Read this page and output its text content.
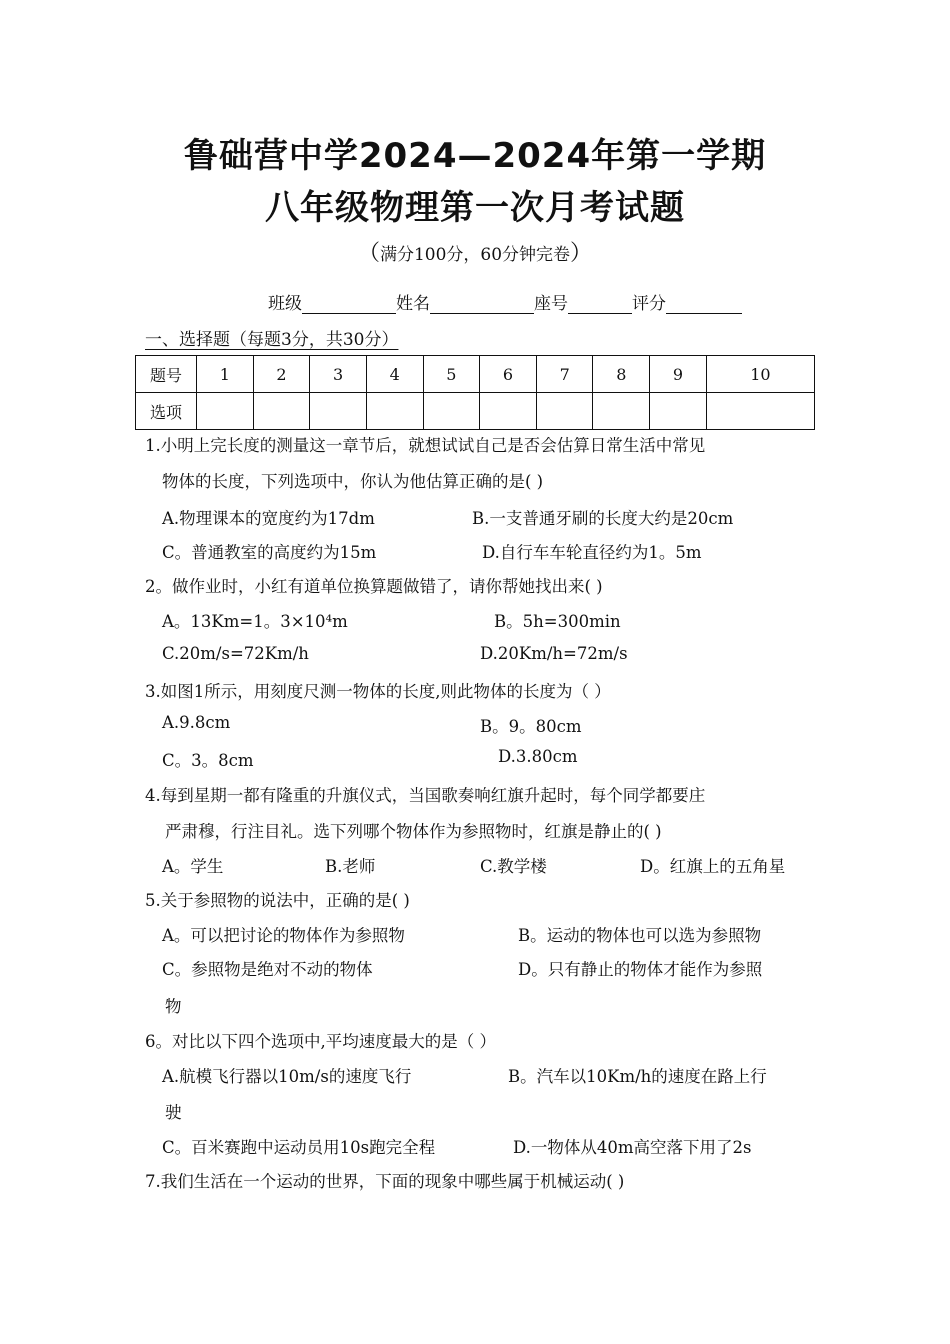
鲁础营中学2024—2024年第一学期
八年级物理第一次月考试题
（满分100分，60分钟完卷）
班级	姓名	座号	评分
一、选择题（每题3分，共30分）
题号	1	2	3	4	5	6	7	8	9	10
选项										
1.小明上完长度的测量这一章节后，就想试试自己是否会估算日常生活中常见
物体的长度，下列选项中，你认为他估算正确的是( )
A.物理课本的宽度约为17dm	B.一支普通牙刷的长度大约是20cm
C。普通教室的高度约为15m	D.自行车车轮直径约为1。5m
2。做作业时，小红有道单位换算题做错了，请你帮她找出来( )
A。13Km=1。3×10⁴m	B。5h=300min
C.20m/s=72Km/h	D.20Km/h=72m/s
3.如图1所示，用刻度尺测一物体的长度,则此物体的长度为（ ）
A.9.8cm	B。9。80cm
C。3。8cm	D.3.80cm
4.每到星期一都有隆重的升旗仪式，当国歌奏响红旗升起时，每个同学都要庄
严肃穆，行注目礼。选下列哪个物体作为参照物时，红旗是静止的( )
A。学生	B.老师	C.教学楼	D。红旗上的五角星
5.关于参照物的说法中，正确的是( )
A。可以把讨论的物体作为参照物	B。运动的物体也可以选为参照物
C。参照物是绝对不动的物体	D。只有静止的物体才能作为参照
物
6。对比以下四个选项中,平均速度最大的是（ ）
A.航模飞行器以10m/s的速度飞行	B。汽车以10Km/h的速度在路上行
驶
C。百米赛跑中运动员用10s跑完全程	D.一物体从40m高空落下用了2s
7.我们生活在一个运动的世界，下面的现象中哪些属于机械运动( )
